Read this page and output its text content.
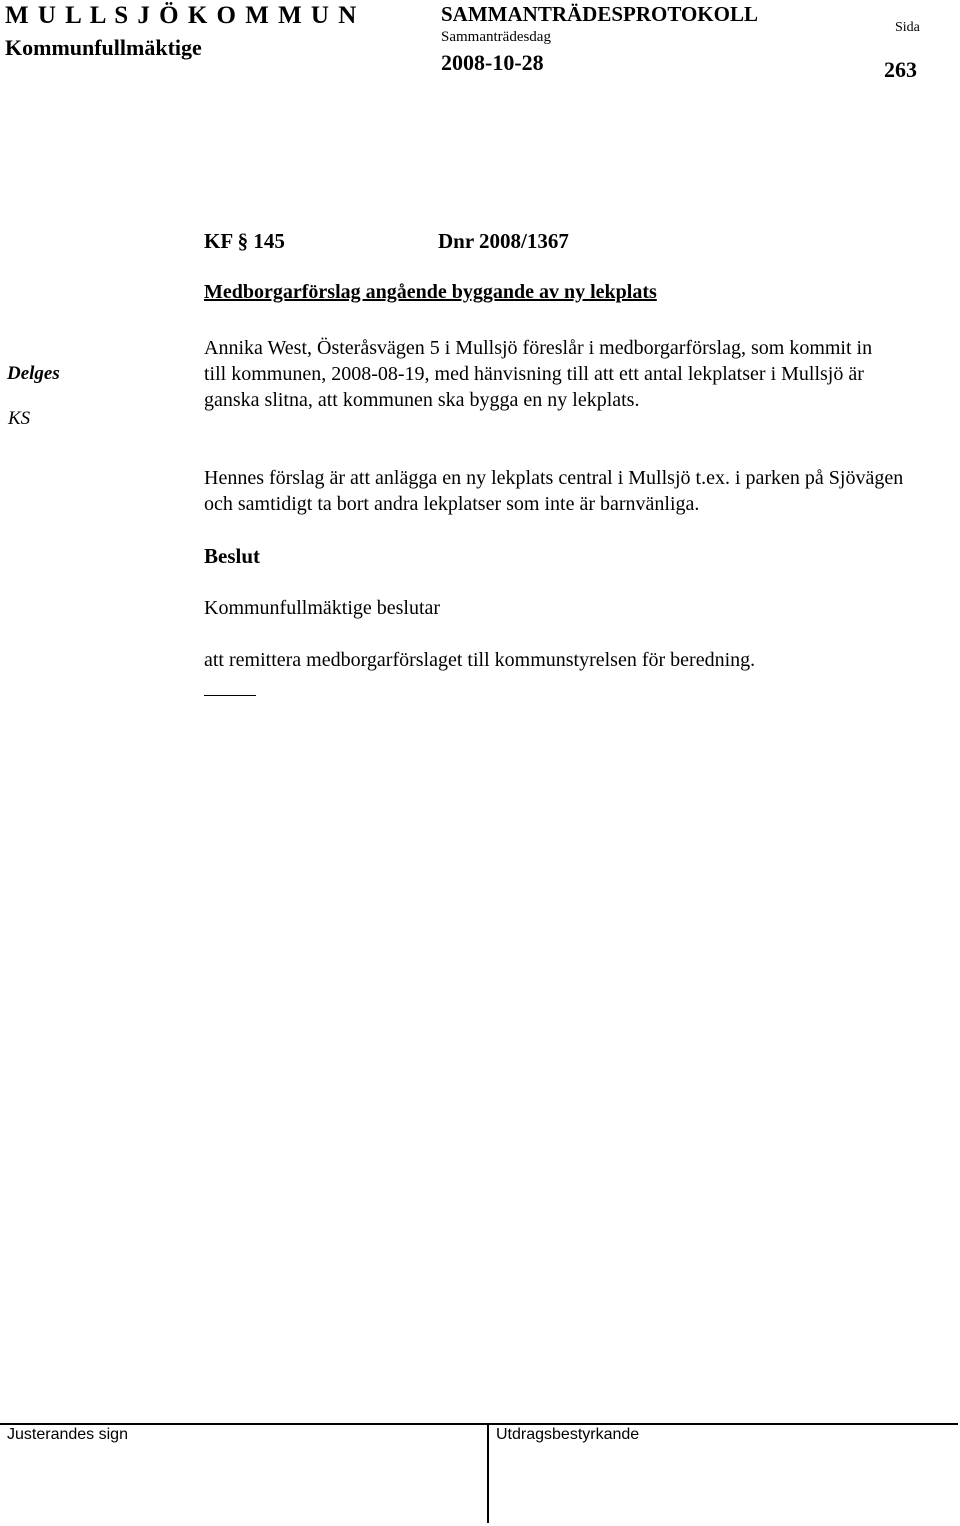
M U L L S J Ö K O M M U N
Kommunfullmäktige
SAMMANTRÄDESPROTOKOLL
Sammanträdesdag
2008-10-28
Sida
263
KF § 145	Dnr 2008/1367
Medborgarförslag angående byggande av ny lekplats
Delges
KS

Annika West, Österåsvägen 5 i Mullsjö föreslår i medborgarförslag, som kommit in till kommunen, 2008-08-19, med hänvisning till att ett antal lekplatser i Mullsjö är ganska slitna, att kommunen ska bygga en ny lekplats.

Hennes förslag är att anlägga en ny lekplats central i Mullsjö t.ex. i parken på Sjövägen och samtidigt ta bort andra lekplatser som inte är barnvänliga.

Beslut
Kommunfullmäktige beslutar
att remittera medborgarförslaget till kommunstyrelsen för beredning.
Justerandes sign	Utdragsbestyrkande
